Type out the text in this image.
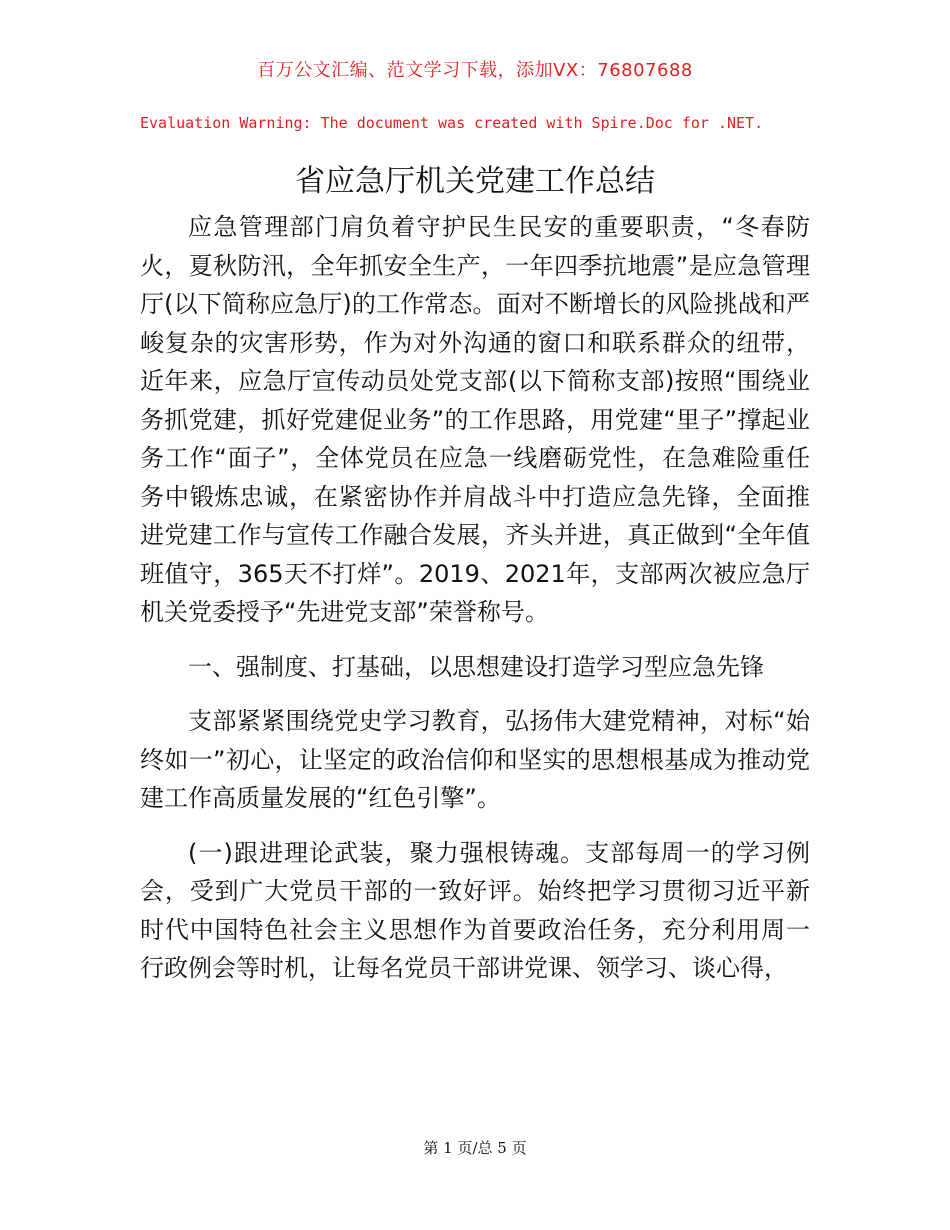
百万公文汇编、范文学习下载，添加VX：76807688
Evaluation Warning: The document was created with Spire.Doc for .NET.
省应急厅机关党建工作总结

应急管理部门肩负着守护民生民安的重要职责，“冬春防火，夏秋防汛，全年抓安全生产，一年四季抗地震”是应急管理厅(以下简称应急厅)的工作常态。面对不断增长的风险挑战和严峻复杂的灾害形势，作为对外沟通的窗口和联系群众的纽带，近年来，应急厅宣传动员处党支部(以下简称支部)按照“围绕业务抓党建，抓好党建促业务”的工作思路，用党建“里子”撑起业务工作“面子”，全体党员在应急一线磨砺党性，在急难险重任务中锻炼忠诚，在紧密协作并肩战斗中打造应急先锋，全面推进党建工作与宣传工作融合发展，齐头并进，真正做到“全年值班值守，365天不打烊”。2019、2021年，支部两次被应急厅机关党委授予“先进党支部”荣誉称号。

一、强制度、打基础，以思想建设打造学习型应急先锋

支部紧紧围绕党史学习教育，弘扬伟大建党精神，对标“始终如一”初心，让坚定的政治信仰和坚实的思想根基成为推动党建工作高质量发展的“红色引擎”。

(一)跟进理论武装，聚力强根铸魂。支部每周一的学习例会，受到广大党员干部的一致好评。始终把学习贯彻习近平新时代中国特色社会主义思想作为首要政治任务，充分利用周一行政例会等时机，让每名党员干部讲党课、领学习、谈心得，

第 1 页/总 5 页
